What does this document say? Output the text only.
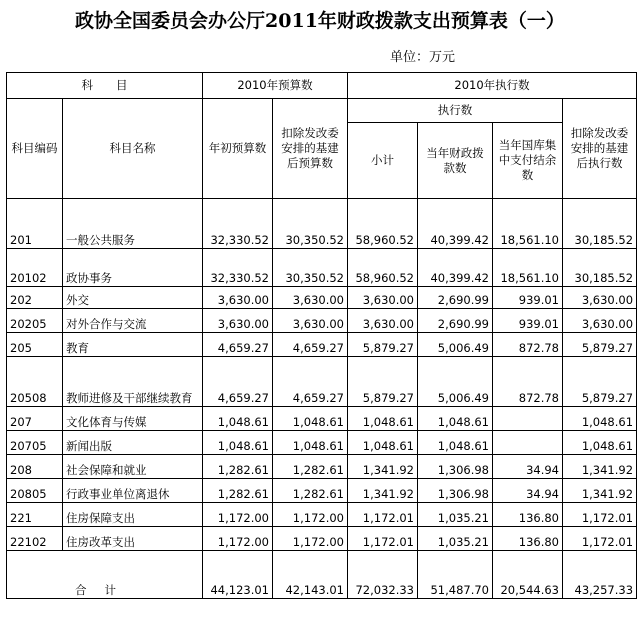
政协全国委员会办公厅2011年财政拨款支出预算表（一）
单位：万元
科　　目		2010年预算数		2010年执行数			
科目编码	科目名称	年初预算数	扣除发改委安排的基建后预算数	执行数			扣除发改委安排的基建后执行数
				小计	当年财政拨款数	当年国库集中支付结余数	
201	一般公共服务	32,330.52	30,350.52	58,960.52	40,399.42	18,561.10	30,185.52
20102	政协事务	32,330.52	30,350.52	58,960.52	40,399.42	18,561.10	30,185.52
202	外交	3,630.00	3,630.00	3,630.00	2,690.99	939.01	3,630.00
20205	对外合作与交流	3,630.00	3,630.00	3,630.00	2,690.99	939.01	3,630.00
205	教育	4,659.27	4,659.27	5,879.27	5,006.49	872.78	5,879.27
20508	教师进修及干部继续教育	4,659.27	4,659.27	5,879.27	5,006.49	872.78	5,879.27
207	文化体育与传媒	1,048.61	1,048.61	1,048.61	1,048.61		1,048.61
20705	新闻出版	1,048.61	1,048.61	1,048.61	1,048.61		1,048.61
208	社会保障和就业	1,282.61	1,282.61	1,341.92	1,306.98	34.94	1,341.92
20805	行政事业单位离退休	1,282.61	1,282.61	1,341.92	1,306.98	34.94	1,341.92
221	住房保障支出	1,172.00	1,172.00	1,172.01	1,035.21	136.80	1,172.01
22102	住房改革支出	1,172.00	1,172.00	1,172.01	1,035.21	136.80	1,172.01
合计		44,123.01	42,143.01	72,032.33	51,487.70	20,544.63	43,257.33
